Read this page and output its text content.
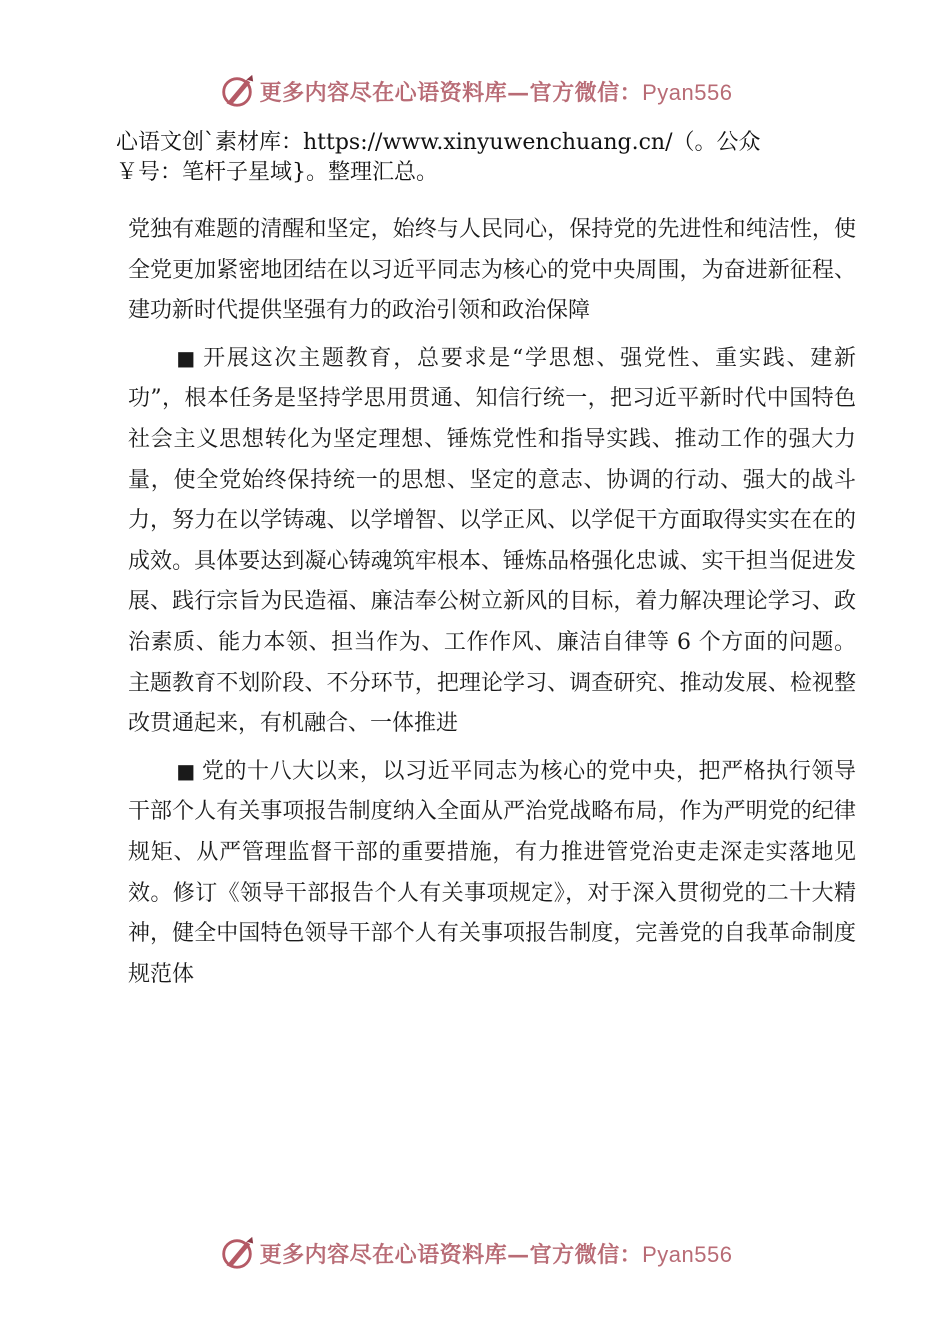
更多内容尽在心语资料库—官方微信：Pyan556
心语文创`素材库：https://www.xinyuwenchuang.cn/（。公众
￥号：笔杆子星域}。整理汇总。

党独有难题的清醒和坚定，始终与人民同心，保持党的先进性和纯洁性，使全党更加紧密地团结在以习近平同志为核心的党中央周围，为奋进新征程、建功新时代提供坚强有力的政治引领和政治保障

■ 开展这次主题教育，总要求是“学思想、强党性、重实践、建新功”，根本任务是坚持学思用贯通、知信行统一，把习近平新时代中国特色社会主义思想转化为坚定理想、锤炼党性和指导实践、推动工作的强大力量，使全党始终保持统一的思想、坚定的意志、协调的行动、强大的战斗力，努力在以学铸魂、以学增智、以学正风、以学促干方面取得实实在在的成效。具体要达到凝心铸魂筑牢根本、锤炼品格强化忠诚、实干担当促进发展、践行宗旨为民造福、廉洁奉公树立新风的目标，着力解决理论学习、政治素质、能力本领、担当作为、工作作风、廉洁自律等 6 个方面的问题。主题教育不划阶段、不分环节，把理论学习、调查研究、推动发展、检视整改贯通起来，有机融合、一体推进

■ 党的十八大以来，以习近平同志为核心的党中央，把严格执行领导干部个人有关事项报告制度纳入全面从严治党战略布局，作为严明党的纪律规矩、从严管理监督干部的重要措施，有力推进管党治吏走深走实落地见效。修订《领导干部报告个人有关事项规定》，对于深入贯彻党的二十大精神，健全中国特色领导干部个人有关事项报告制度，完善党的自我革命制度规范体

更多内容尽在心语资料库—官方微信：Pyan556
